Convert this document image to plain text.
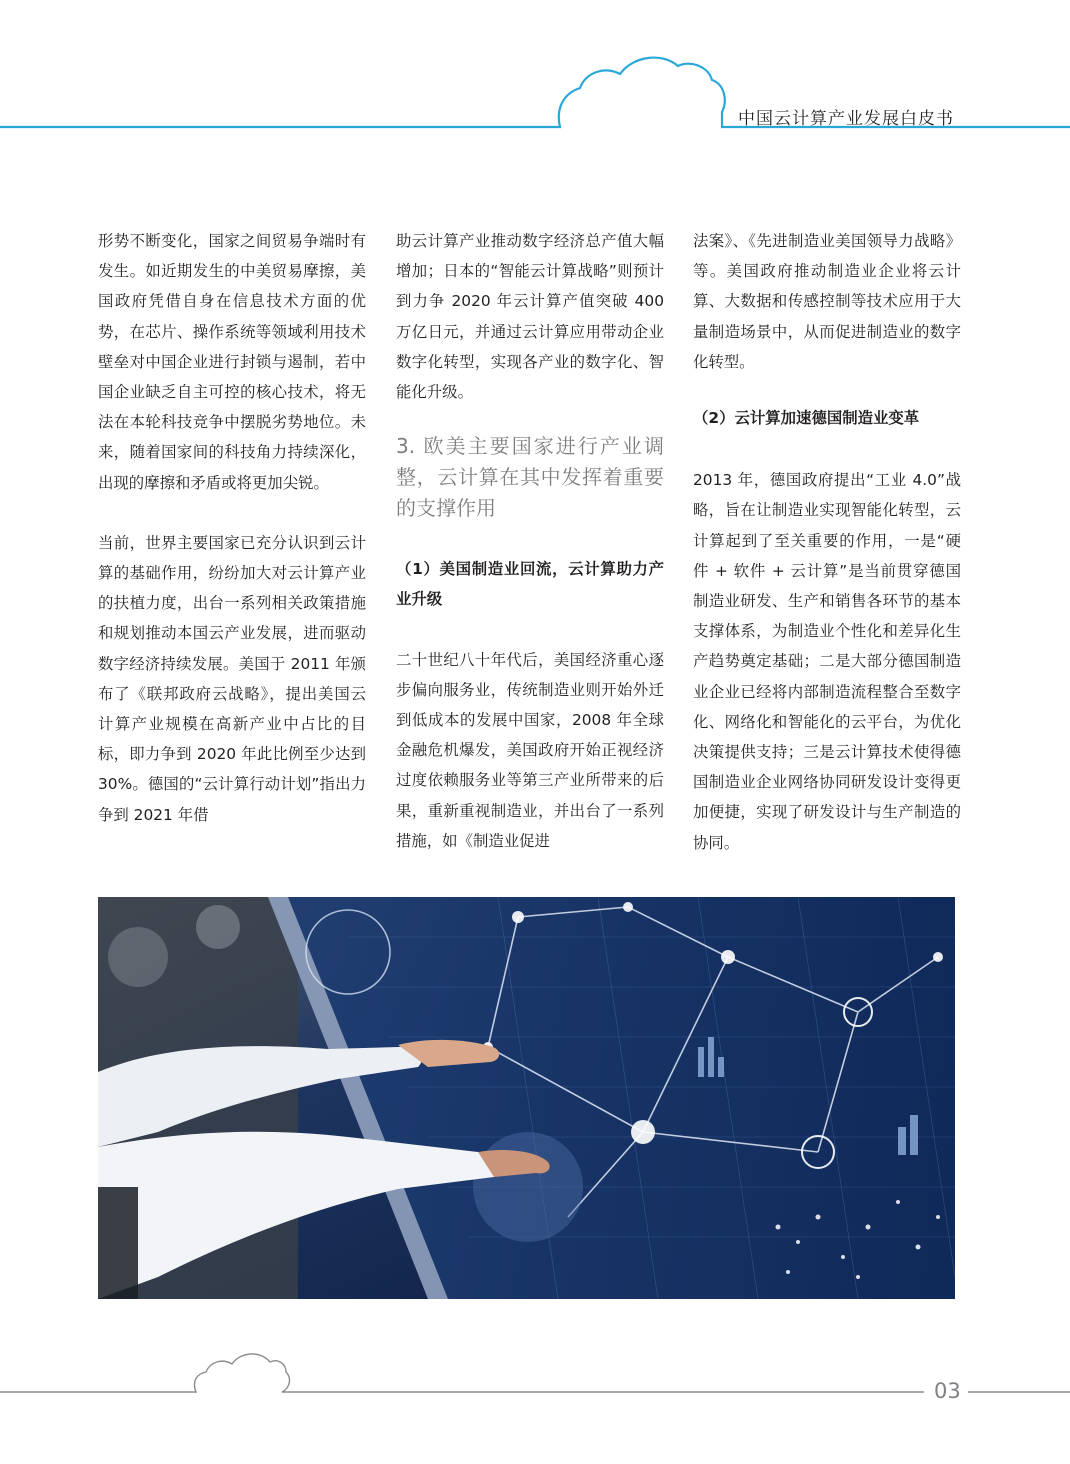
中国云计算产业发展白皮书

形势不断变化，国家之间贸易争端时有发生。如近期发生的中美贸易摩擦，美国政府凭借自身在信息技术方面的优势，在芯片、操作系统等领域利用技术壁垒对中国企业进行封锁与遏制，若中国企业缺乏自主可控的核心技术，将无法在本轮科技竞争中摆脱劣势地位。未来，随着国家间的科技角力持续深化，出现的摩擦和矛盾或将更加尖锐。

当前，世界主要国家已充分认识到云计算的基础作用，纷纷加大对云计算产业的扶植力度，出台一系列相关政策措施和规划推动本国云产业发展，进而驱动数字经济持续发展。美国于 2011 年颁布了《联邦政府云战略》，提出美国云计算产业规模在高新产业中占比的目标，即力争到 2020 年此比例至少达到 30%。德国的“云计算行动计划”指出力争到 2021 年借

助云计算产业推动数字经济总产值大幅增加；日本的“智能云计算战略”则预计到力争 2020 年云计算产值突破 400 万亿日元，并通过云计算应用带动企业数字化转型，实现各产业的数字化、智能化升级。

3. 欧美主要国家进行产业调整，云计算在其中发挥着重要的支撑作用

（1）美国制造业回流，云计算助力产业升级

二十世纪八十年代后，美国经济重心逐步偏向服务业，传统制造业则开始外迁到低成本的发展中国家，2008 年全球金融危机爆发，美国政府开始正视经济过度依赖服务业等第三产业所带来的后果，重新重视制造业，并出台了一系列措施，如《制造业促进

法案》、《先进制造业美国领导力战略》等。美国政府推动制造业企业将云计算、大数据和传感控制等技术应用于大量制造场景中，从而促进制造业的数字化转型。

（2）云计算加速德国制造业变革

2013 年，德国政府提出“工业 4.0”战略，旨在让制造业实现智能化转型，云计算起到了至关重要的作用，一是“硬件 + 软件 + 云计算”是当前贯穿德国制造业研发、生产和销售各环节的基本支撑体系，为制造业个性化和差异化生产趋势奠定基础；二是大部分德国制造业企业已经将内部制造流程整合至数字化、网络化和智能化的云平台，为优化决策提供支持；三是云计算技术使得德国制造业企业网络协同研发设计变得更加便捷，实现了研发设计与生产制造的协同。

03
